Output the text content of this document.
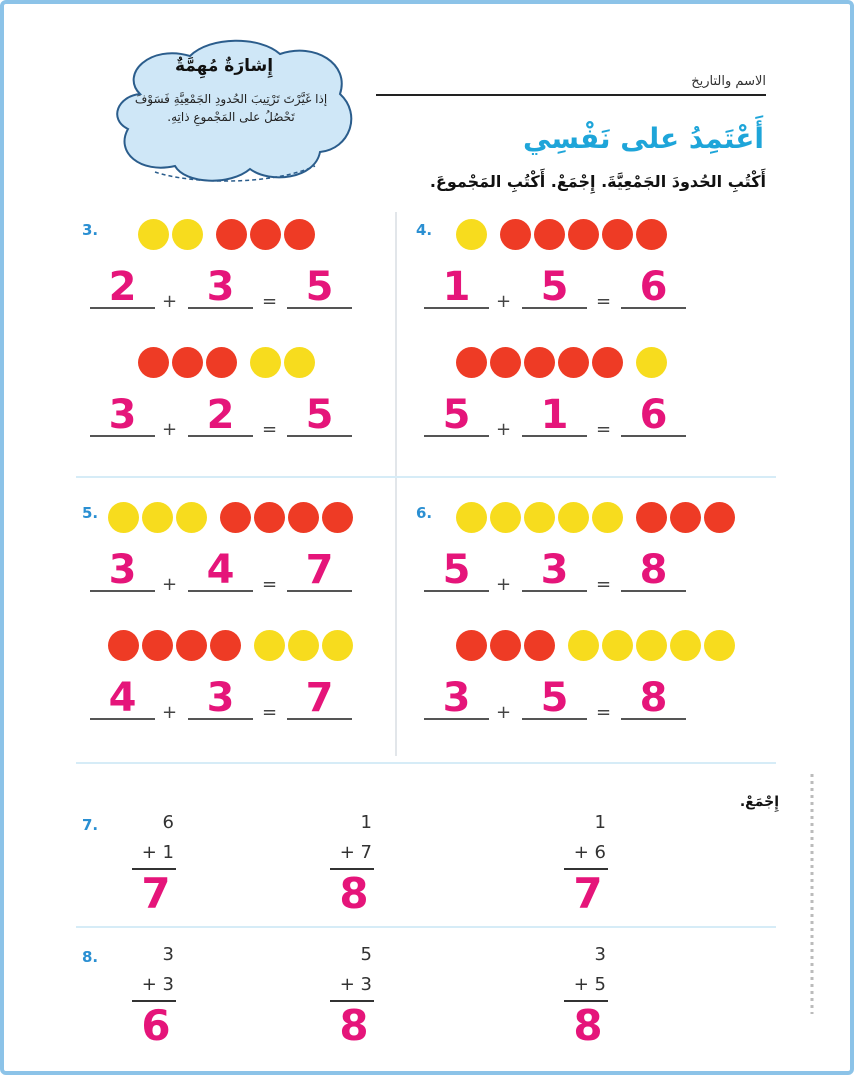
إِشارَةٌ مُهِمَّةٌ
إذا غَيَّرْتَ تَرْتِيبَ الحُدودِ الجَمْعِيَّةِ فَسَوْفَ تَحْصُلُ على المَجْموعِ ذاتِهِ.
الاسم والتاريخ
أَعْتَمِدُ على نَفْسِي
أَكْتُبِ الحُدودَ الجَمْعِيَّةَ. إِجْمَعْ. أَكْتُبِ المَجْموعَ.
إِجْمَعْ.
3.
2	3	5
+	=
3	2	5
+	=
4.
1	5	6
+	=
5	1	6
+	=
5.
3	4	7
+	=
4	3	7
+	=
6.
5	3	8
+	=
3	5	8
+	=
7.	6
+ 1
7
1
+ 7
8
1
+ 6
7
8.	3
+ 3
6
5
+ 3
8
3
+ 5
8
